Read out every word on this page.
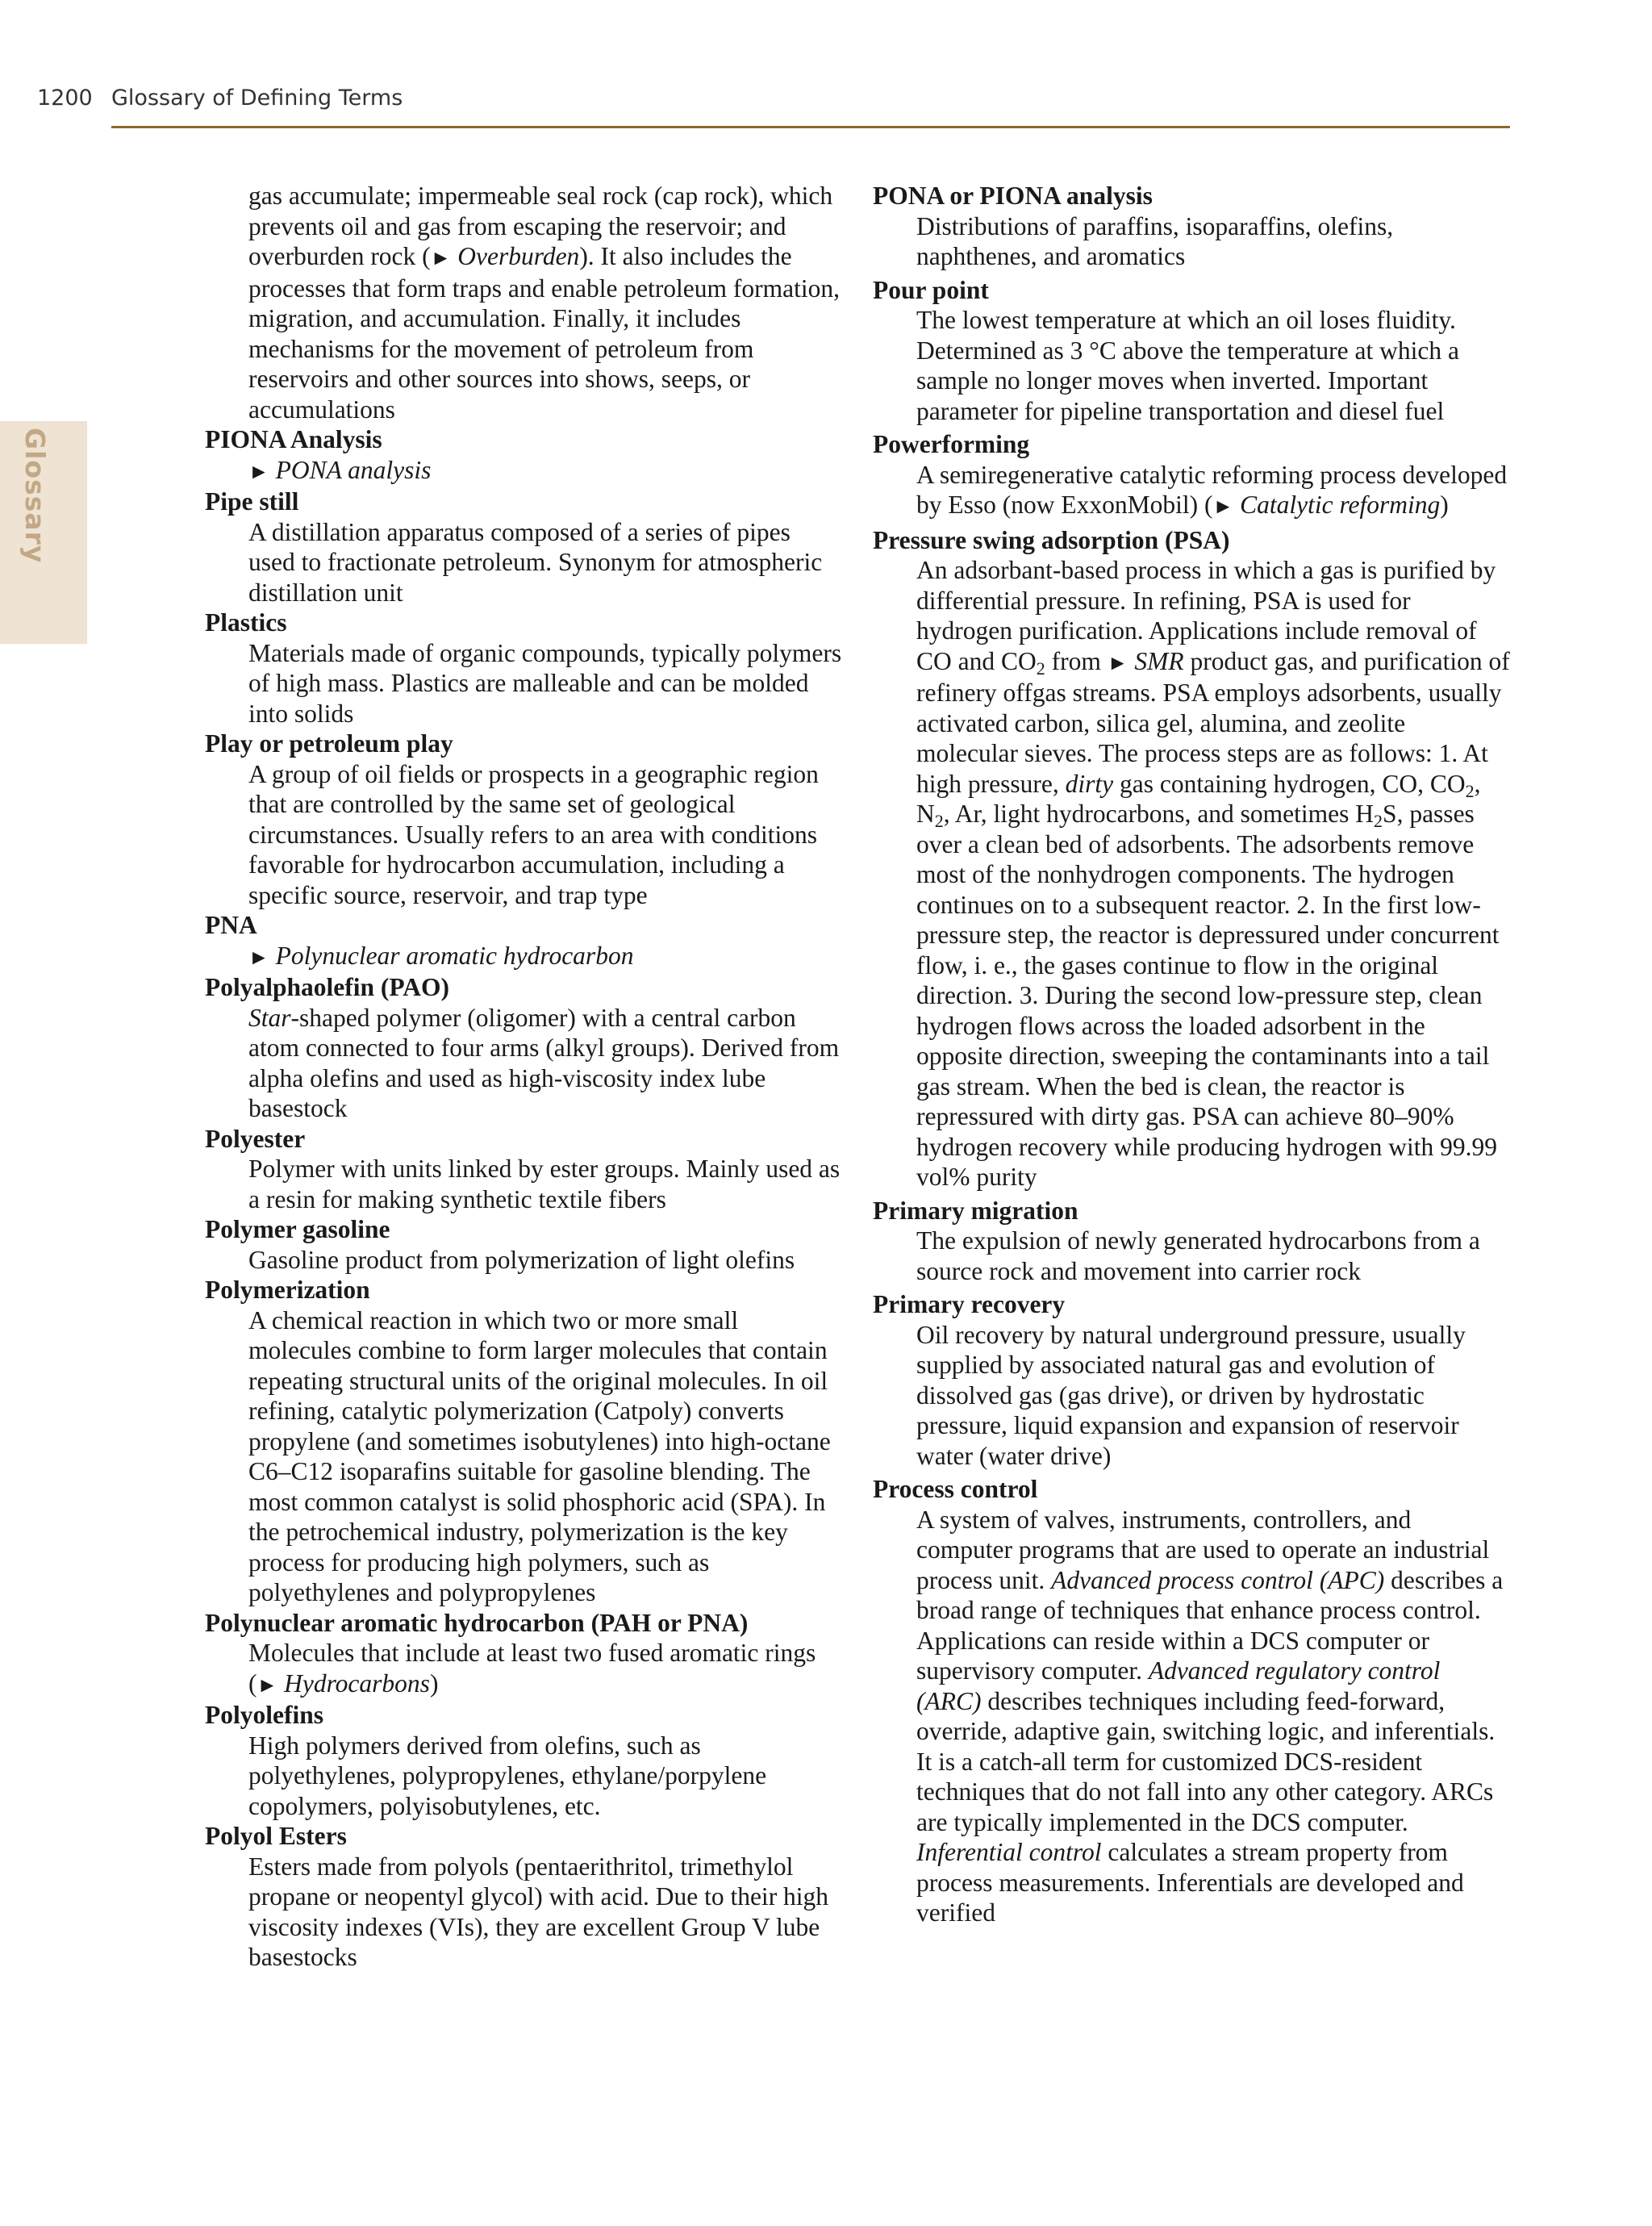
1200 Glossary of Defining Terms
Glossary

gas accumulate; impermeable seal rock (cap rock), which prevents oil and gas from escaping the reservoir; and overburden rock (► Overburden). It also includes the processes that form traps and enable petroleum formation, migration, and accumulation. Finally, it includes mechanisms for the movement of petroleum from reservoirs and other sources into shows, seeps, or accumulations

PIONA Analysis

► PONA analysis

Pipe still

A distillation apparatus composed of a series of pipes used to fractionate petroleum. Synonym for atmospheric distillation unit

Plastics

Materials made of organic compounds, typically polymers of high mass. Plastics are malleable and can be molded into solids

Play or petroleum play

A group of oil fields or prospects in a geographic region that are controlled by the same set of geological circumstances. Usually refers to an area with conditions favorable for hydrocarbon accumulation, including a specific source, reservoir, and trap type

PNA

► Polynuclear aromatic hydrocarbon

Polyalphaolefin (PAO)

Star-shaped polymer (oligomer) with a central carbon atom connected to four arms (alkyl groups). Derived from alpha olefins and used as high-viscosity index lube basestock

Polyester

Polymer with units linked by ester groups. Mainly used as a resin for making synthetic textile fibers

Polymer gasoline

Gasoline product from polymerization of light olefins

Polymerization

A chemical reaction in which two or more small molecules combine to form larger molecules that contain repeating structural units of the original molecules. In oil refining, catalytic polymerization (Catpoly) converts propylene (and sometimes isobutylenes) into high-octane C6–C12 isoparafins suitable for gasoline blending. The most common catalyst is solid phosphoric acid (SPA). In the petrochemical industry, polymerization is the key process for producing high polymers, such as polyethylenes and polypropylenes

Polynuclear aromatic hydrocarbon (PAH or PNA)

Molecules that include at least two fused aromatic rings (► Hydrocarbons)

Polyolefins

High polymers derived from olefins, such as polyethylenes, polypropylenes, ethylane/porpylene copolymers, polyisobutylenes, etc.

Polyol Esters

Esters made from polyols (pentaerithritol, trimethylol propane or neopentyl glycol) with acid. Due to their high viscosity indexes (VIs), they are excellent Group V lube basestocks

PONA or PIONA analysis

Distributions of paraffins, isoparaffins, olefins, naphthenes, and aromatics

Pour point

The lowest temperature at which an oil loses fluidity. Determined as 3 °C above the temperature at which a sample no longer moves when inverted. Important parameter for pipeline transportation and diesel fuel

Powerforming

A semiregenerative catalytic reforming process developed by Esso (now ExxonMobil) (► Catalytic reforming)

Pressure swing adsorption (PSA)

An adsorbant-based process in which a gas is purified by differential pressure. In refining, PSA is used for hydrogen purification. Applications include removal of CO and $CO_2$ from ► SMR product gas, and purification of refinery offgas streams. PSA employs adsorbents, usually activated carbon, silica gel, alumina, and zeolite molecular sieves. The process steps are as follows: 1. At high pressure, dirty gas containing hydrogen, CO, $CO_2$, $N_2$, Ar, light hydrocarbons, and sometimes $H_2S$, passes over a clean bed of adsorbents. The adsorbents remove most of the nonhydrogen components. The hydrogen continues on to a subsequent reactor. 2. In the first low-pressure step, the reactor is depressured under concurrent flow, i. e., the gases continue to flow in the original direction. 3. During the second low-pressure step, clean hydrogen flows across the loaded adsorbent in the opposite direction, sweeping the contaminants into a tail gas stream. When the bed is clean, the reactor is repressured with dirty gas. PSA can achieve 80–90% hydrogen recovery while producing hydrogen with 99.99 vol% purity

Primary migration

The expulsion of newly generated hydrocarbons from a source rock and movement into carrier rock

Primary recovery

Oil recovery by natural underground pressure, usually supplied by associated natural gas and evolution of dissolved gas (gas drive), or driven by hydrostatic pressure, liquid expansion and expansion of reservoir water (water drive)

Process control

A system of valves, instruments, controllers, and computer programs that are used to operate an industrial process unit. Advanced process control (APC) describes a broad range of techniques that enhance process control. Applications can reside within a DCS computer or supervisory computer. Advanced regulatory control (ARC) describes techniques including feed-forward, override, adaptive gain, switching logic, and inferentials. It is a catch-all term for customized DCS-resident techniques that do not fall into any other category. ARCs are typically implemented in the DCS computer. Inferential control calculates a stream property from process measurements. Inferentials are developed and verified
